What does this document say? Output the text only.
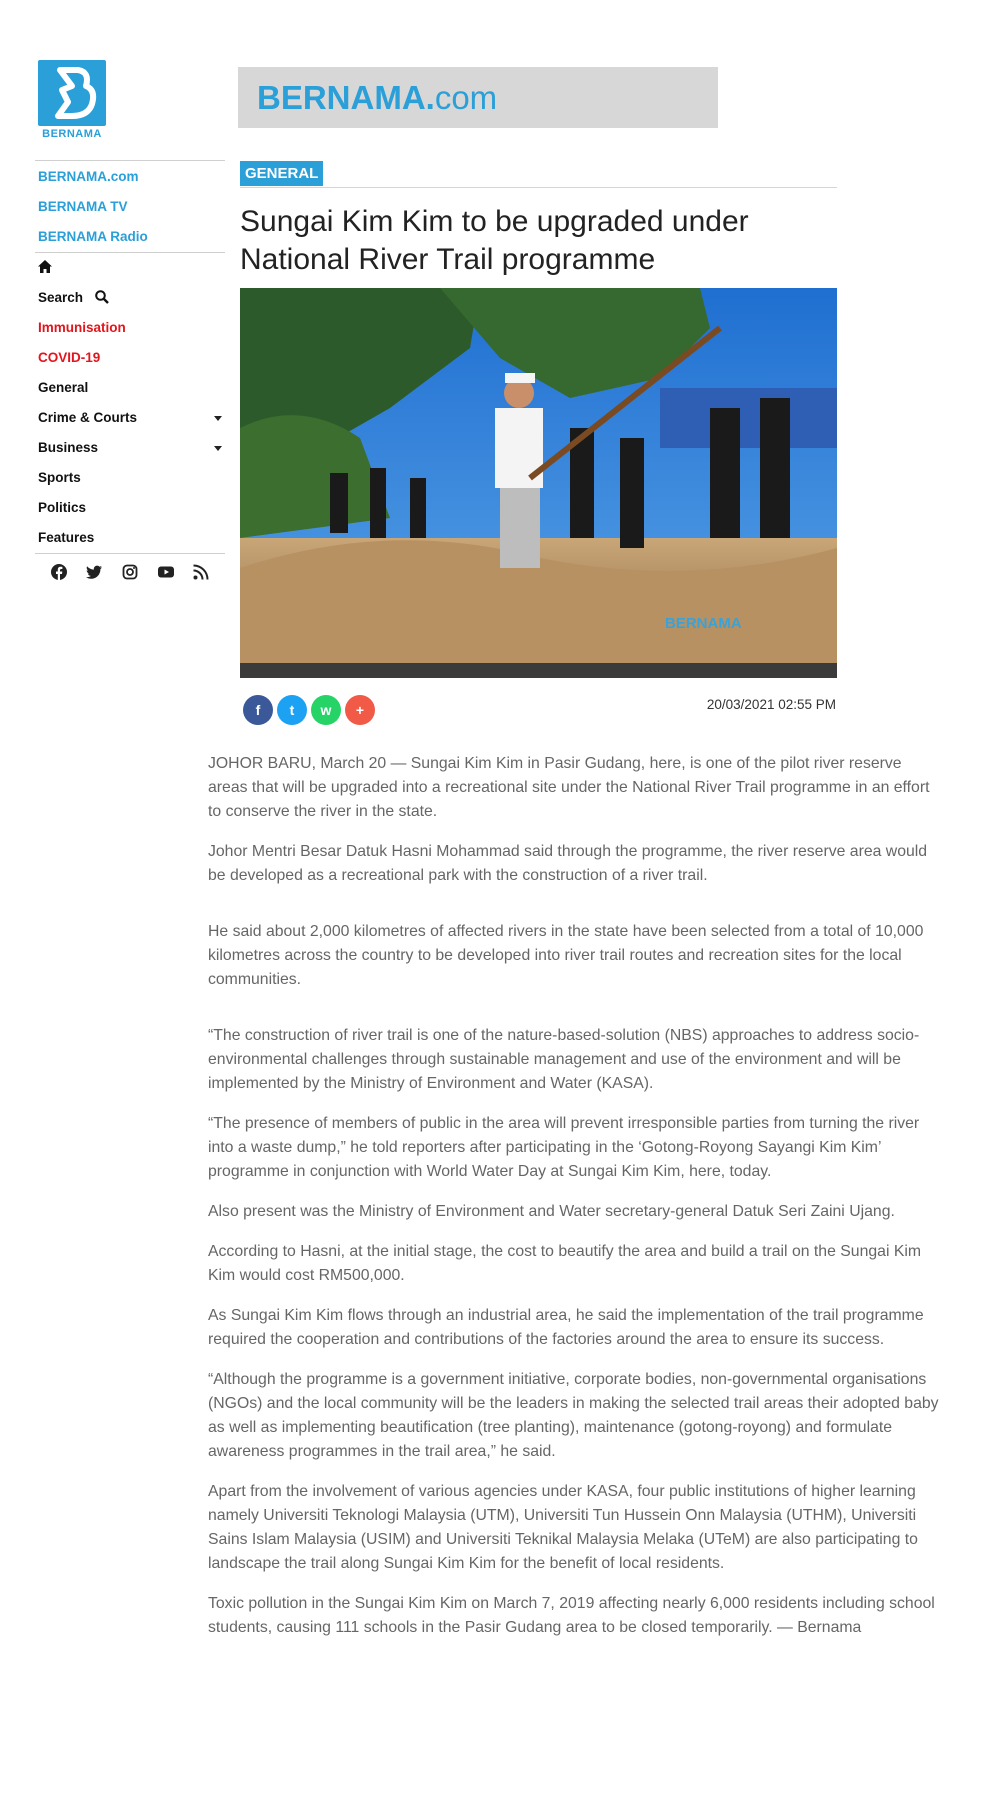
BERNAMA
BERNAMA.com
BERNAMA TV
BERNAMA Radio
Search
Immunisation
COVID-19
General
Crime & Courts
Business
Sports
Politics
Features
BERNAMA.com
GENERAL
Sungai Kim Kim to be upgraded under National River Trail programme
BERNAMA
f t w +	20/03/2021 02:55 PM

JOHOR BARU, March 20 — Sungai Kim Kim in Pasir Gudang, here, is one of the pilot river reserve areas that will be upgraded into a recreational site under the National River Trail programme in an effort to conserve the river in the state.

Johor Mentri Besar Datuk Hasni Mohammad said through the programme, the river reserve area would be developed as a recreational park with the construction of a river trail.

He said about 2,000 kilometres of affected rivers in the state have been selected from a total of 10,000 kilometres across the country to be developed into river trail routes and recreation sites for the local communities.

“The construction of river trail is one of the nature-based-solution (NBS) approaches to address socio-environmental challenges through sustainable management and use of the environment and will be implemented by the Ministry of Environment and Water (KASA).

“The presence of members of public in the area will prevent irresponsible parties from turning the river into a waste dump,” he told reporters after participating in the ‘Gotong-Royong Sayangi Kim Kim’ programme in conjunction with World Water Day at Sungai Kim Kim, here, today.

Also present was the Ministry of Environment and Water secretary-general Datuk Seri Zaini Ujang.

According to Hasni, at the initial stage, the cost to beautify the area and build a trail on the Sungai Kim Kim would cost RM500,000.

As Sungai Kim Kim flows through an industrial area, he said the implementation of the trail programme required the cooperation and contributions of the factories around the area to ensure its success.

“Although the programme is a government initiative, corporate bodies, non-governmental organisations (NGOs) and the local community will be the leaders in making the selected trail areas their adopted baby as well as implementing beautification (tree planting), maintenance (gotong-royong) and formulate awareness programmes in the trail area,” he said.

Apart from the involvement of various agencies under KASA, four public institutions of higher learning namely Universiti Teknologi Malaysia (UTM), Universiti Tun Hussein Onn Malaysia (UTHM), Universiti Sains Islam Malaysia (USIM) and Universiti Teknikal Malaysia Melaka (UTeM) are also participating to landscape the trail along Sungai Kim Kim for the benefit of local residents.

Toxic pollution in the Sungai Kim Kim on March 7, 2019 affecting nearly 6,000 residents including school students, causing 111 schools in the Pasir Gudang area to be closed temporarily. — Bernama
